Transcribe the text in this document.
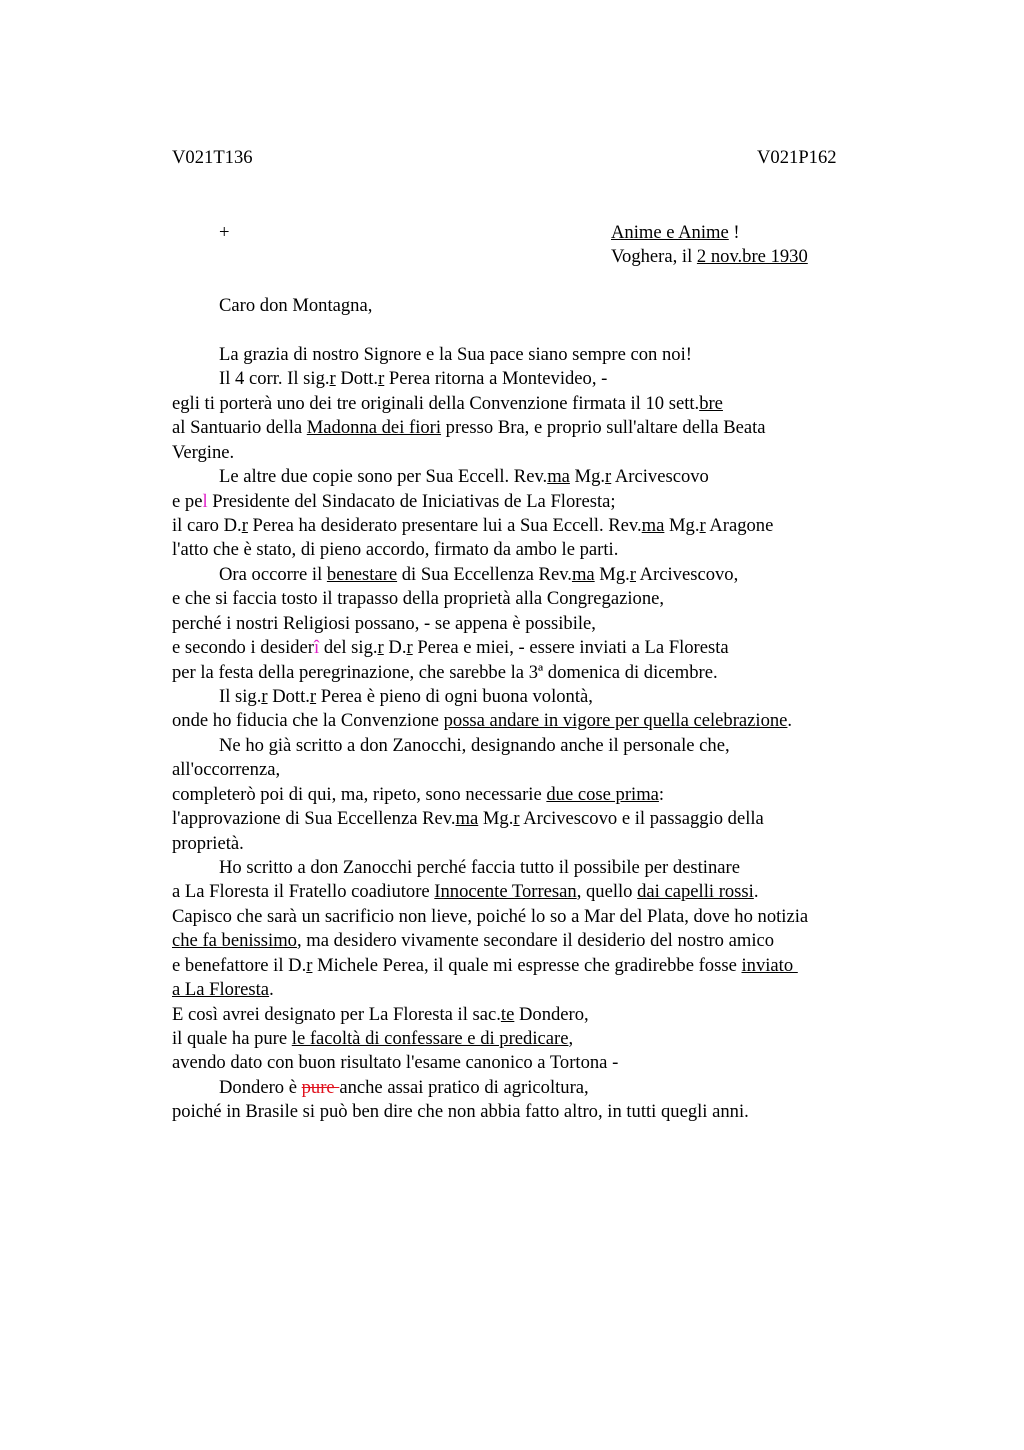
V021T136	V021P162
+	Anime e Anime !
Voghera, il 2 nov.bre 1930
Caro don Montagna,
La grazia di nostro Signore e la Sua pace siano sempre con noi!
Il 4 corr. Il sig.r Dott.r Perea ritorna a Montevideo, -
egli ti porterà uno dei tre originali della Convenzione firmata il 10 sett.bre
al Santuario della Madonna dei fiori presso Bra, e proprio sull'altare della Beata
Vergine.
Le altre due copie sono per Sua Eccell. Rev.ma Mg.r Arcivescovo
e pel Presidente del Sindacato de Iniciativas de La Floresta;
il caro D.r Perea ha desiderato presentare lui a Sua Eccell. Rev.ma Mg.r Aragone
l'atto che è stato, di pieno accordo, firmato da ambo le parti.
Ora occorre il benestare di Sua Eccellenza Rev.ma Mg.r Arcivescovo,
e che si faccia tosto il trapasso della proprietà alla Congregazione,
perché i nostri Religiosi possano, - se appena è possibile,
e secondo i desiderî del sig.r D.r Perea e miei, - essere inviati a La Floresta
per la festa della peregrinazione, che sarebbe la 3ª domenica di dicembre.
Il sig.r Dott.r Perea è pieno di ogni buona volontà,
onde ho fiducia che la Convenzione possa andare in vigore per quella celebrazione.
Ne ho già scritto a don Zanocchi, designando anche il personale che,
all'occorrenza,
completerò poi di qui, ma, ripeto, sono necessarie due cose prima:
l'approvazione di Sua Eccellenza Rev.ma Mg.r Arcivescovo e il passaggio della
proprietà.
Ho scritto a don Zanocchi perché faccia tutto il possibile per destinare
a La Floresta il Fratello coadiutore Innocente Torresan, quello dai capelli rossi.
Capisco che sarà un sacrificio non lieve, poiché lo so a Mar del Plata, dove ho notizia
che fa benissimo, ma desidero vivamente secondare il desiderio del nostro amico
e benefattore il D.r Michele Perea, il quale mi espresse che gradirebbe fosse inviato
a La Floresta.
E così avrei designato per La Floresta il sac.te Dondero,
il quale ha pure le facoltà di confessare e di predicare,
avendo dato con buon risultato l'esame canonico a Tortona -
Dondero è pure anche assai pratico di agricoltura,
poiché in Brasile si può ben dire che non abbia fatto altro, in tutti quegli anni.
